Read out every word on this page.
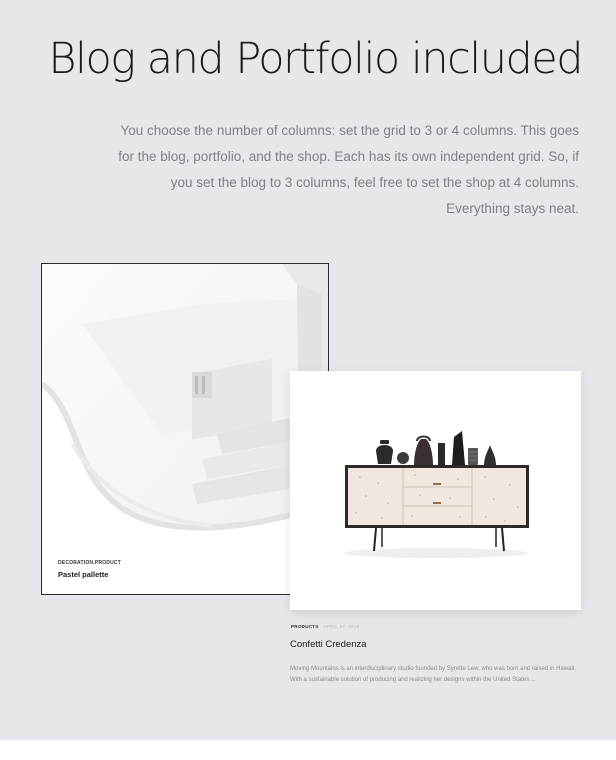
Blog and Portfolio included

You choose the number of columns: set the grid to 3 or 4 columns. This goes for the blog, portfolio, and the shop. Each has its own independent grid. So, if you set the blog to 3 columns, feel free to set the shop at 4 columns. Everything stays neat.

DECORATION,PRODUCT
Pastel pallette
PRODUCTS APRIL 27, 2016
Confetti Credenza

Moving Mountains is an interdisciplinary studio founded by Syrette Lew, who was born and raised in Hawaii. With a sustainable solution of producing and realizing her designs within the United States ...
